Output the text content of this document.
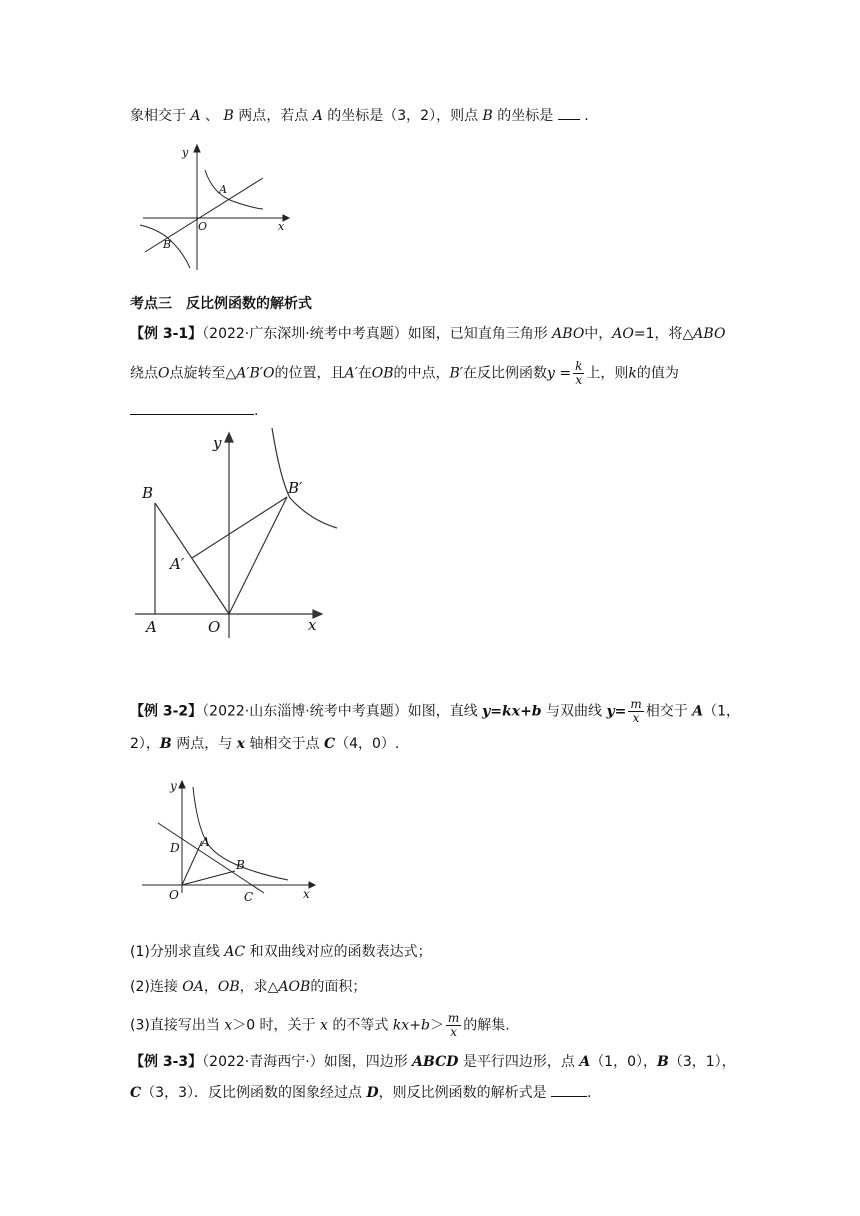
象相交于 A 、 B 两点，若点 A 的坐标是（3，2），则点 B 的坐标是 .
y
x
O
A
B
考点三　反比例函数的解析式
【例 3-1】（2022·广东深圳·统考中考真题）如图，已知直角三角形 ABO中，AO=1，将△ABO
绕点O点旋转至△A′B′O的位置，且A′在OB的中点，B′在反比例函数$y = \frac{k}{x}$ 上，则k的值为
.
y
x
O
A
B
A′
B′
【例 3-2】（2022·山东淄博·统考中考真题）如图，直线 y=kx+b 与双曲线 $y= \frac{m}{x}$ 相交于 A（1，
2），B 两点，与 x 轴相交于点 C（4，0）.
y
x
O
D A
B
C
(1)分别求直线 AC 和双曲线对应的函数表达式；
(2)连接 OA，OB，求△AOB的面积；
(3)直接写出当 x＞0 时，关于 x 的不等式 $kx+b> \frac{m}{x}$ 的解集.
【例 3-3】（2022·青海西宁·）如图，四边形 ABCD 是平行四边形，点 A（1，0），B（3，1），
C（3，3）．反比例函数的图象经过点 D，则反比例函数的解析式是	.
